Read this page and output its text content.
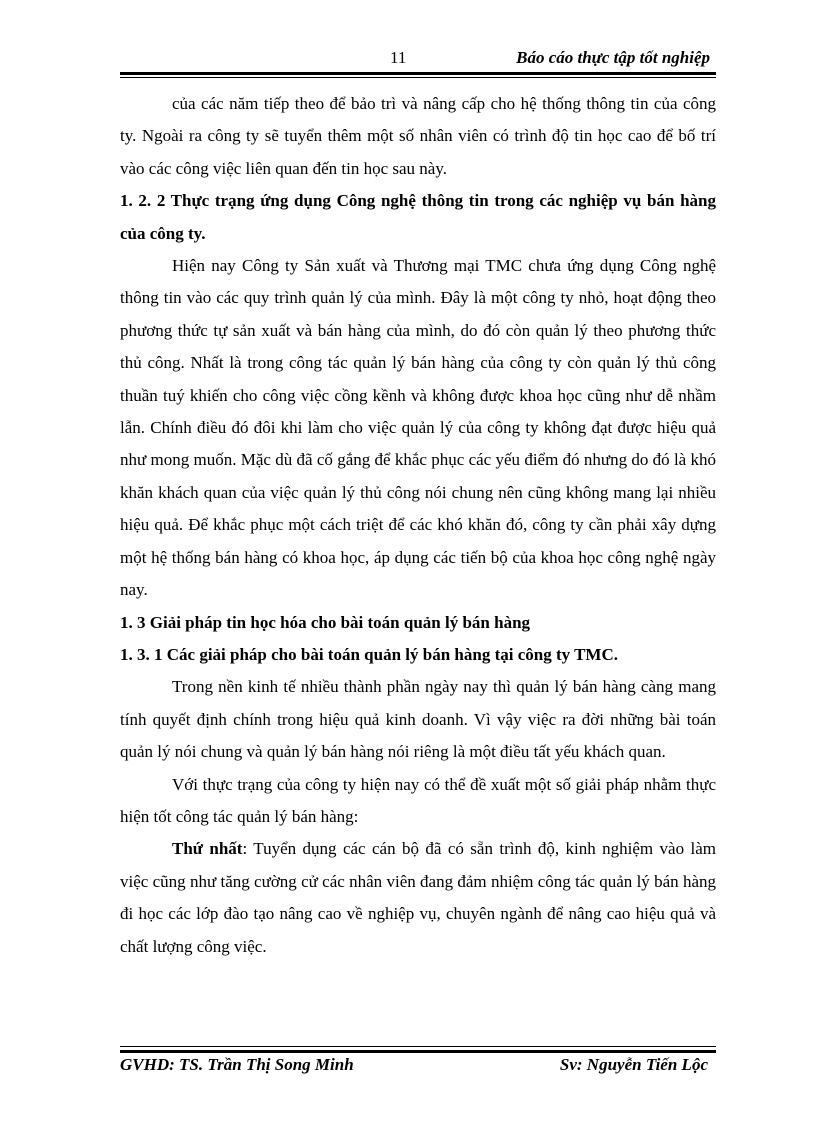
11	Báo cáo thực tập tốt nghiệp

của các năm tiếp theo để bảo trì và nâng cấp cho hệ thống thông tin của công ty. Ngoài ra công ty sẽ tuyển thêm một số nhân viên có trình độ tin học cao để bố trí vào các công việc liên quan đến tin học sau này.

1. 2. 2 Thực trạng ứng dụng Công nghệ thông tin trong các nghiệp vụ bán hàng của công ty.

Hiện nay Công ty Sản xuất và Thương mại TMC chưa ứng dụng Công nghệ thông tin vào các quy trình quản lý của mình. Đây là một công ty nhỏ, hoạt động theo phương thức tự sản xuất và bán hàng của mình, do đó còn quản lý theo phương thức thủ công. Nhất là trong công tác quản lý bán hàng của công ty còn quản lý thủ công thuần tuý khiến cho công việc cồng kềnh và không được khoa học cũng như dễ nhầm lẫn. Chính điều đó đôi khi làm cho việc quản lý của công ty không đạt được hiệu quả như mong muốn. Mặc dù đã cố gắng để khắc phục các yếu điểm đó nhưng do đó là khó khăn khách quan của việc quản lý thủ công nói chung nên cũng không mang lại nhiều hiệu quả. Để khắc phục một cách triệt để các khó khăn đó, công ty cần phải xây dựng một hệ thống bán hàng có khoa học, áp dụng các tiến bộ của khoa học công nghệ ngày nay.

1. 3 Giải pháp tin học hóa cho bài toán quản lý bán hàng

1. 3. 1 Các giải pháp cho bài toán quản lý bán hàng tại công ty TMC.

Trong nền kinh tế nhiều thành phần ngày nay thì quản lý bán hàng càng mang tính quyết định chính trong hiệu quả kinh doanh. Vì vậy việc ra đời những bài toán quản lý nói chung và quản lý bán hàng nói riêng là một điều tất yếu khách quan.

Với thực trạng của công ty hiện nay có thể đề xuất một số giải pháp nhằm thực hiện tốt công tác quản lý bán hàng:

Thứ nhất: Tuyển dụng các cán bộ đã có sẵn trình độ, kinh nghiệm vào làm việc cũng như tăng cường cử các nhân viên đang đảm nhiệm công tác quản lý bán hàng đi học các lớp đào tạo nâng cao về nghiệp vụ, chuyên ngành để nâng cao hiệu quả và chất lượng công việc.

GVHD: TS. Trần Thị Song Minh	Sv: Nguyễn Tiến Lộc
